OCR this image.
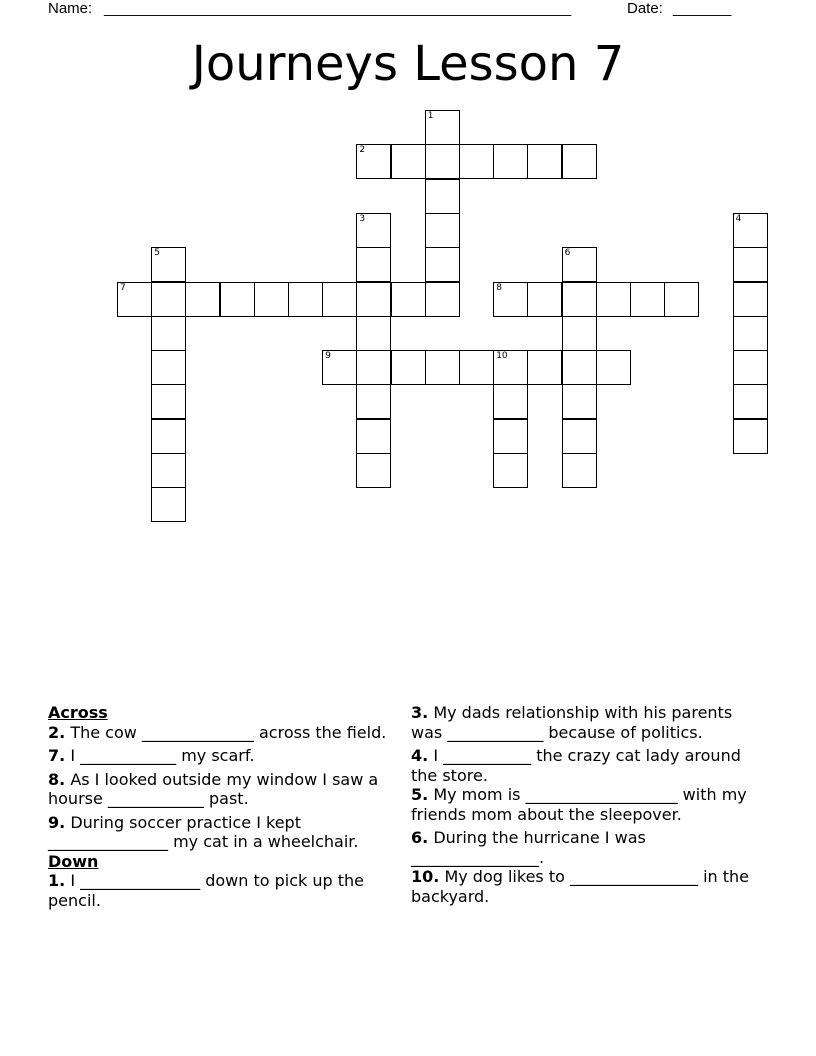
Name: ________________________________________________________	Date: _______
Journeys Lesson 7
1
2
3	4
5	6
7	8
9	10
Across
2. The cow ______________ across the field.
7. I ____________ my scarf.
8. As I looked outside my window I saw a hourse ____________ past.
9. During soccer practice I kept _______________ my cat in a wheelchair.
Down
1. I _______________ down to pick up the pencil.
3. My dads relationship with his parents was ____________ because of politics.
4. I ___________ the crazy cat lady around the store.
5. My mom is ___________________ with my friends mom about the sleepover.
6. During the hurricane I was ________________.
10. My dog likes to ________________ in the backyard.
